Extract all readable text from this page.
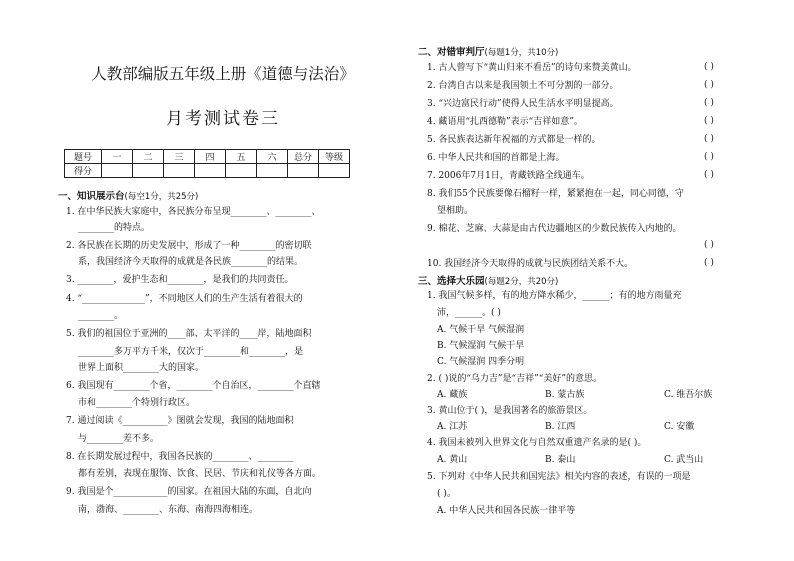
人教部编版五年级上册《道德与法治》
月考测试卷三
题号	一	二	三	四	五	六	总分	等级
得分								
一、知识展示台(每空1分，共25分)
1. 在中华民族大家庭中，各民族分布呈现________、________、
________的特点。
2. 各民族在长期的历史发展中，形成了一种________的密切联
系，我国经济今天取得的成就是各民族________的结果。
3. ________，爱护生态和________，是我们的共同责任。
4. “______________”，不同地区人们的生产生活有着很大的
________。
5. 我们的祖国位于亚洲的____部、太平洋的____岸，陆地面积
________多万平方千米，仅次于________和________，是
世界上面积________大的国家。
6. 我国现有________个省，________个自治区，________个直辖
市和________个特别行政区。
7. 通过阅读《__________》图就会发现，我国的陆地面积
与________差不多。
8. 在长期发展过程中，我国各民族的________、________
都有差别，表现在服饰、饮食、民居、节庆和礼仪等各方面。
9. 我国是个____________的国家。在祖国大陆的东面，自北向
南，渤海、________、东海、南海四海相连。
二、对错审判厅(每题1分，共10分)
1. 古人曾写下“黄山归来不看岳”的诗句来赞美黄山。	( )
2. 台湾自古以来是我国领土不可分割的一部分。	( )
3. “兴边富民行动”使得人民生活水平明显提高。	( )
4. 藏语用“扎西德勒”表示“吉祥如意”。	( )
5. 各民族表达新年祝福的方式都是一样的。	( )
6. 中华人民共和国的首都是上海。	( )
7. 2006年7月1日，青藏铁路全线通车。	( )
8. 我们55个民族要像石榴籽一样，紧紧抱在一起，同心同德，守
望相助。
9. 棉花、芝麻、大蒜是由古代边疆地区的少数民族传入内地的。
( )
10. 我国经济今天取得的成就与民族团结关系不大。	( )
三、选择大乐园(每题2分，共20分)
1. 我国气候多样，有的地方降水稀少，______；有的地方雨量充
沛，______。( )
A. 气候干旱 气候湿润
B. 气候湿润 气候干旱
C. 气候湿润 四季分明
2. ( )说的“乌力吉”是“吉祥”“美好”的意思。
A. 藏族	B. 蒙古族	C. 维吾尔族
3. 黄山位于( )，是我国著名的旅游景区。
A. 江苏	B. 江西	C. 安徽
4. 我国未被列入世界文化与自然双重遗产名录的是( )。
A. 黄山	B. 泰山	C. 武当山
5. 下列对《中华人民共和国宪法》相关内容的表述，有误的一项是
( )。
A. 中华人民共和国各民族一律平等
